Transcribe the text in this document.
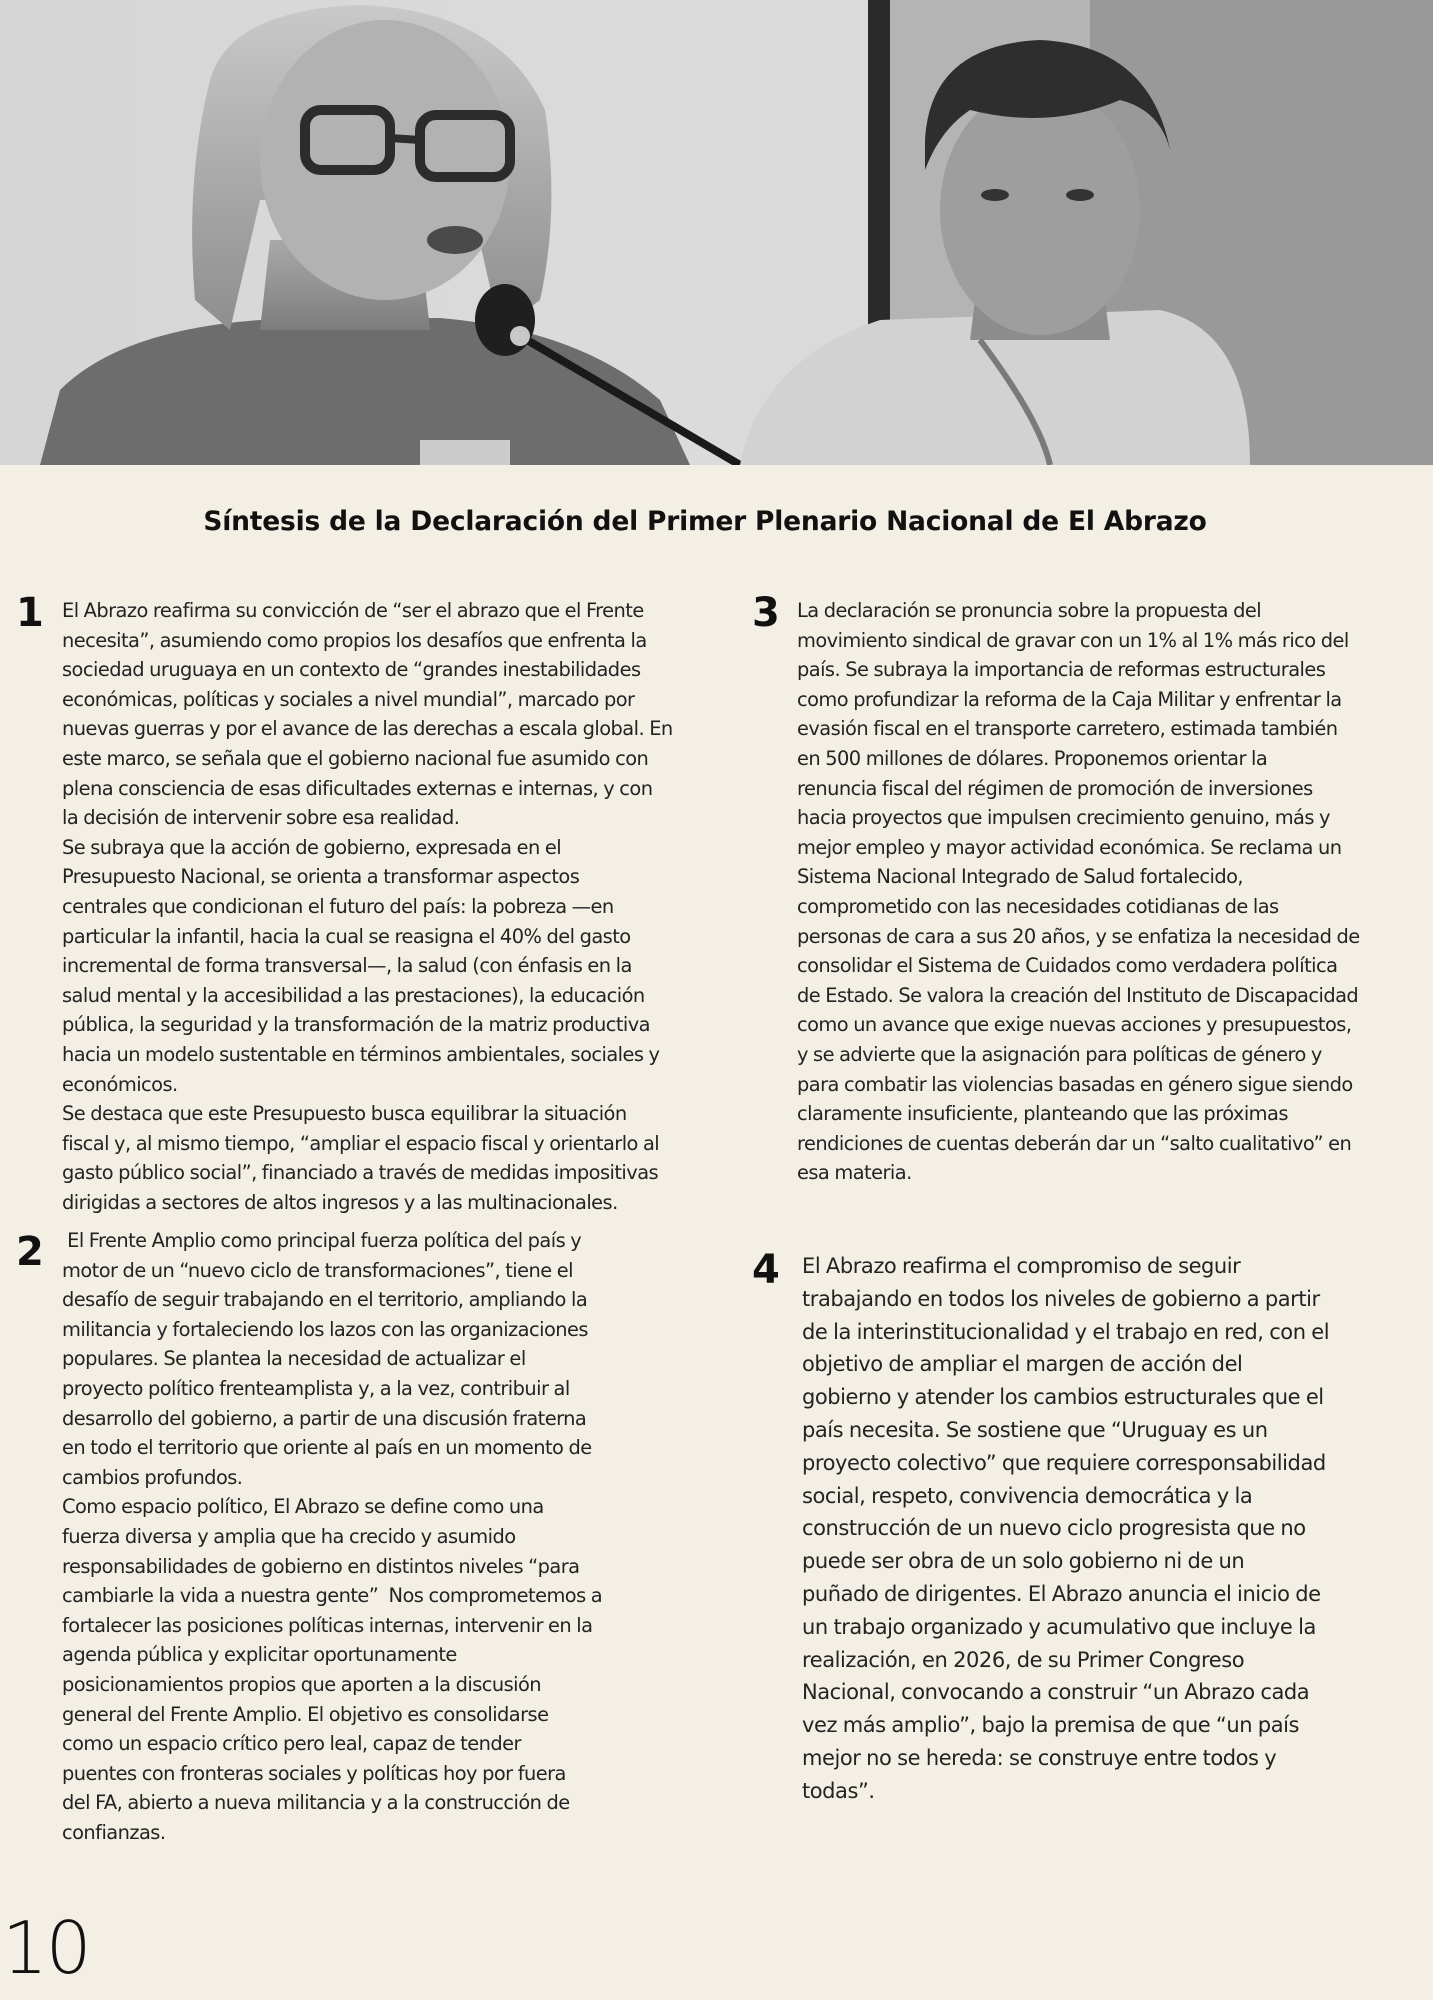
Síntesis de la Declaración del Primer Plenario Nacional de El Abrazo
1 El Abrazo reafirma su convicción de “ser el abrazo que el Frente
necesita”, asumiendo como propios los desafíos que enfrenta la
sociedad uruguaya en un contexto de “grandes inestabilidades
económicas, políticas y sociales a nivel mundial”, marcado por
nuevas guerras y por el avance de las derechas a escala global. En
este marco, se señala que el gobierno nacional fue asumido con
plena consciencia de esas dificultades externas e internas, y con
la decisión de intervenir sobre esa realidad.
Se subraya que la acción de gobierno, expresada en el
Presupuesto Nacional, se orienta a transformar aspectos
centrales que condicionan el futuro del país: la pobreza —en
particular la infantil, hacia la cual se reasigna el 40% del gasto
incremental de forma transversal—, la salud (con énfasis en la
salud mental y la accesibilidad a las prestaciones), la educación
pública, la seguridad y la transformación de la matriz productiva
hacia un modelo sustentable en términos ambientales, sociales y
económicos.
Se destaca que este Presupuesto busca equilibrar la situación
fiscal y, al mismo tiempo, “ampliar el espacio fiscal y orientarlo al
gasto público social”, financiado a través de medidas impositivas
dirigidas a sectores de altos ingresos y a las multinacionales.

2 El Frente Amplio como principal fuerza política del país y
motor de un “nuevo ciclo de transformaciones”, tiene el
desafío de seguir trabajando en el territorio, ampliando la
militancia y fortaleciendo los lazos con las organizaciones
populares. Se plantea la necesidad de actualizar el
proyecto político frenteamplista y, a la vez, contribuir al
desarrollo del gobierno, a partir de una discusión fraterna
en todo el territorio que oriente al país en un momento de
cambios profundos.
Como espacio político, El Abrazo se define como una
fuerza diversa y amplia que ha crecido y asumido
responsabilidades de gobierno en distintos niveles “para
cambiarle la vida a nuestra gente”  Nos comprometemos a
fortalecer las posiciones políticas internas, intervenir en la
agenda pública y explicitar oportunamente
posicionamientos propios que aporten a la discusión
general del Frente Amplio. El objetivo es consolidarse
como un espacio crítico pero leal, capaz de tender
puentes con fronteras sociales y políticas hoy por fuera
del FA, abierto a nueva militancia y a la construcción de
confianzas.

3 La declaración se pronuncia sobre la propuesta del
movimiento sindical de gravar con un 1% al 1% más rico del
país. Se subraya la importancia de reformas estructurales
como profundizar la reforma de la Caja Militar y enfrentar la
evasión fiscal en el transporte carretero, estimada también
en 500 millones de dólares. Proponemos orientar la
renuncia fiscal del régimen de promoción de inversiones
hacia proyectos que impulsen crecimiento genuino, más y
mejor empleo y mayor actividad económica. Se reclama un
Sistema Nacional Integrado de Salud fortalecido,
comprometido con las necesidades cotidianas de las
personas de cara a sus 20 años, y se enfatiza la necesidad de
consolidar el Sistema de Cuidados como verdadera política
de Estado. Se valora la creación del Instituto de Discapacidad
como un avance que exige nuevas acciones y presupuestos,
y se advierte que la asignación para políticas de género y
para combatir las violencias basadas en género sigue siendo
claramente insuficiente, planteando que las próximas
rendiciones de cuentas deberán dar un “salto cualitativo” en
esa materia.

4 El Abrazo reafirma el compromiso de seguir
trabajando en todos los niveles de gobierno a partir
de la interinstitucionalidad y el trabajo en red, con el
objetivo de ampliar el margen de acción del
gobierno y atender los cambios estructurales que el
país necesita. Se sostiene que “Uruguay es un
proyecto colectivo” que requiere corresponsabilidad
social, respeto, convivencia democrática y la
construcción de un nuevo ciclo progresista que no
puede ser obra de un solo gobierno ni de un
puñado de dirigentes. El Abrazo anuncia el inicio de
un trabajo organizado y acumulativo que incluye la
realización, en 2026, de su Primer Congreso
Nacional, convocando a construir “un Abrazo cada
vez más amplio”, bajo la premisa de que “un país
mejor no se hereda: se construye entre todos y
todas”.

10
